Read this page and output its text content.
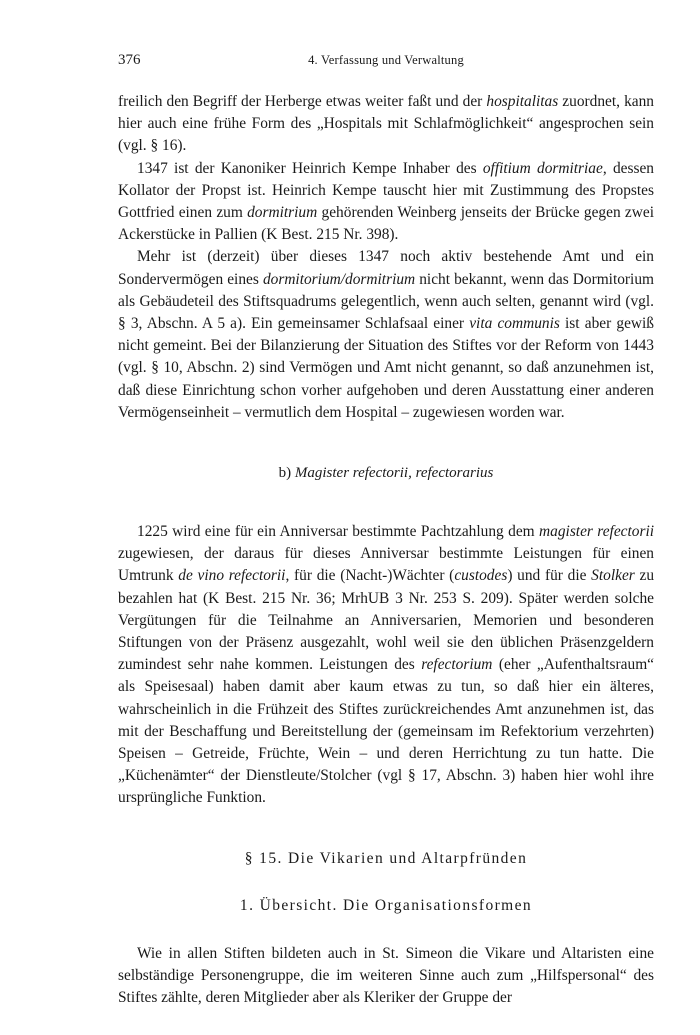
376	4. Verfassung und Verwaltung

freilich den Begriff der Herberge etwas weiter faßt und der hospitalitas zuordnet, kann hier auch eine frühe Form des „Hospitals mit Schlafmöglichkeit“ angesprochen sein (vgl. § 16).

1347 ist der Kanoniker Heinrich Kempe Inhaber des offitium dormitriae, dessen Kollator der Propst ist. Heinrich Kempe tauscht hier mit Zustimmung des Propstes Gottfried einen zum dormitrium gehörenden Weinberg jenseits der Brücke gegen zwei Ackerstücke in Pallien (K Best. 215 Nr. 398).

Mehr ist (derzeit) über dieses 1347 noch aktiv bestehende Amt und ein Sondervermögen eines dormitorium/dormitrium nicht bekannt, wenn das Dormitorium als Gebäudeteil des Stiftsquadrums gelegentlich, wenn auch selten, genannt wird (vgl. § 3, Abschn. A 5 a). Ein gemeinsamer Schlafsaal einer vita communis ist aber gewiß nicht gemeint. Bei der Bilanzierung der Situation des Stiftes vor der Reform von 1443 (vgl. § 10, Abschn. 2) sind Vermögen und Amt nicht genannt, so daß anzunehmen ist, daß diese Einrichtung schon vorher aufgehoben und deren Ausstattung einer anderen Vermögenseinheit – vermutlich dem Hospital – zugewiesen worden war.

b) Magister refectorii, refectorarius

1225 wird eine für ein Anniversar bestimmte Pachtzahlung dem magister refectorii zugewiesen, der daraus für dieses Anniversar bestimmte Leistungen für einen Umtrunk de vino refectorii, für die (Nacht-)Wächter (custodes) und für die Stolker zu bezahlen hat (K Best. 215 Nr. 36; MrhUB 3 Nr. 253 S. 209). Später werden solche Vergütungen für die Teilnahme an Anniversarien, Memorien und besonderen Stiftungen von der Präsenz ausgezahlt, wohl weil sie den üblichen Präsenzgeldern zumindest sehr nahe kommen. Leistungen des refectorium (eher „Aufenthaltsraum“ als Speisesaal) haben damit aber kaum etwas zu tun, so daß hier ein älteres, wahrscheinlich in die Frühzeit des Stiftes zurückreichendes Amt anzunehmen ist, das mit der Beschaffung und Bereitstellung der (gemeinsam im Refektorium verzehrten) Speisen – Getreide, Früchte, Wein – und deren Herrichtung zu tun hatte. Die „Küchenämter“ der Dienstleute/Stolcher (vgl § 17, Abschn. 3) haben hier wohl ihre ursprüngliche Funktion.

§ 15. Die Vikarien und Altarpfründen
1. Übersicht. Die Organisationsformen

Wie in allen Stiften bildeten auch in St. Simeon die Vikare und Altaristen eine selbständige Personengruppe, die im weiteren Sinne auch zum „Hilfspersonal“ des Stiftes zählte, deren Mitglieder aber als Kleriker der Gruppe der
